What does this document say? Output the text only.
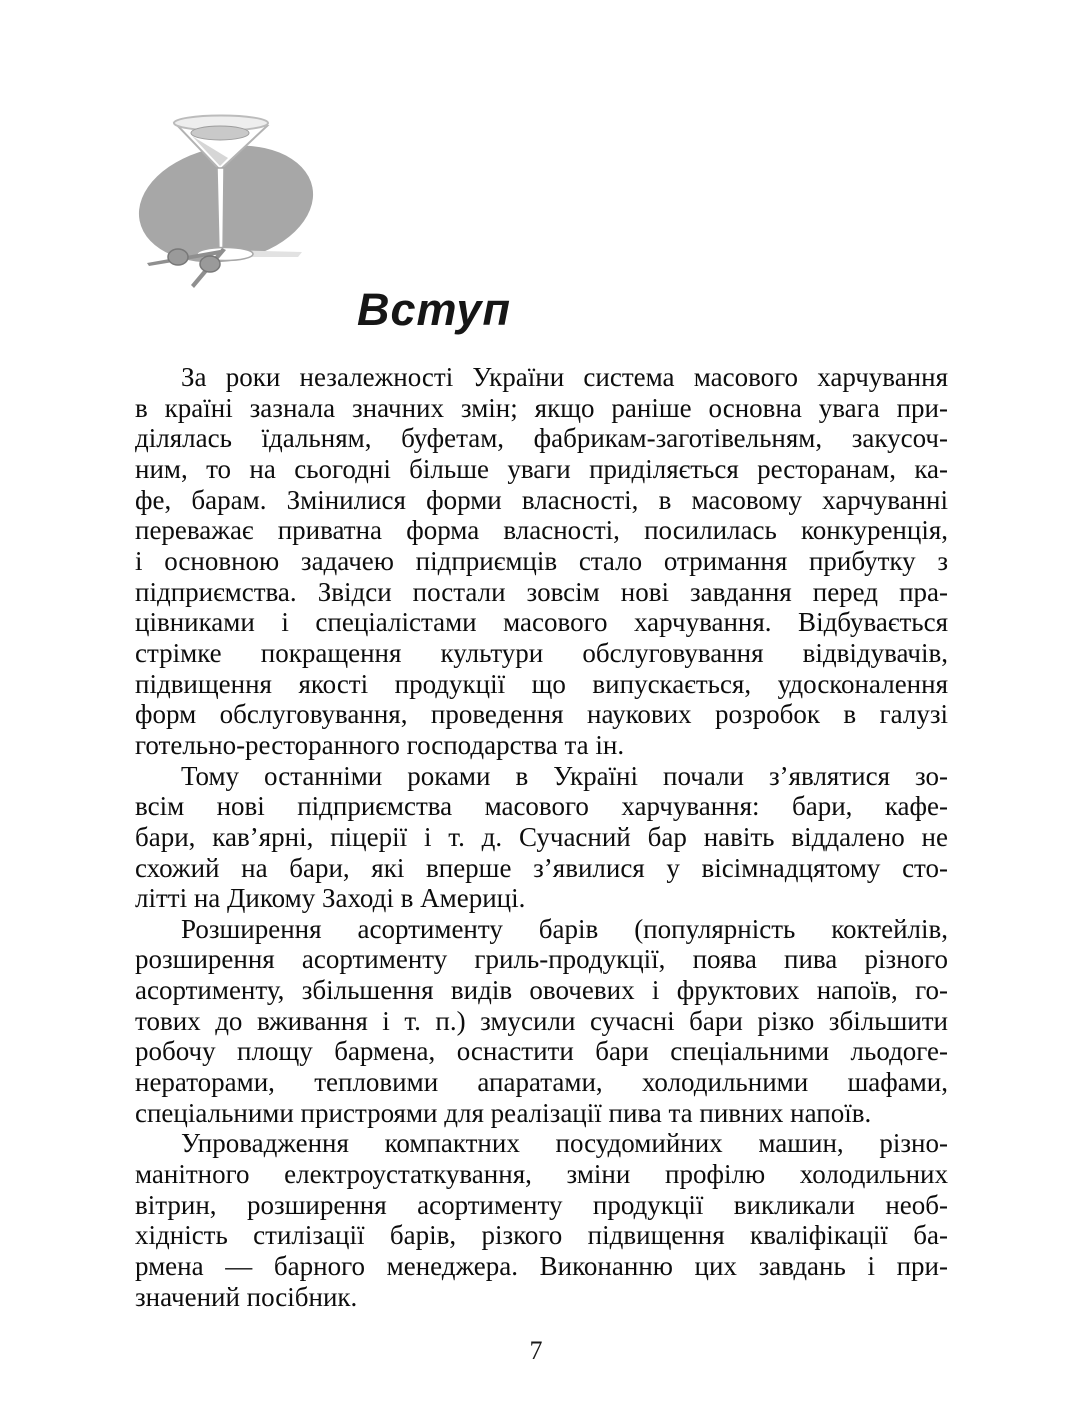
Вступ
За роки незалежності України система масового харчування
в країні зазнала значних змін; якщо раніше основна увага при-
ділялась їдальням, буфетам, фабрикам-заготівельням, закусоч-
ним, то на сьогодні більше уваги приділяється ресторанам, ка-
фе, барам. Змінилися форми власності, в масовому харчуванні
переважає приватна форма власності, посилилась конкуренція,
і основною задачею підприємців стало отримання прибутку з
підприємства. Звідси постали зовсім нові завдання перед пра-
цівниками і спеціалістами масового харчування. Відбувається
стрімке покращення культури обслуговування відвідувачів,
підвищення якості продукції що випускається, удосконалення
форм обслуговування, проведення наукових розробок в галузі
готельно-ресторанного господарства та ін.
Тому останніми роками в Україні почали з’являтися зо-
всім нові підприємства масового харчування: бари, кафе-
бари, кав’ярні, піцерії і т. д. Сучасний бар навіть віддалено не
схожий на бари, які вперше з’явилися у вісімнадцятому сто-
літті на Дикому Заході в Америці.
Розширення асортименту барів (популярність коктейлів,
розширення асортименту гриль-продукції, поява пива різного
асортименту, збільшення видів овочевих і фруктових напоїв, го-
тових до вживання і т. п.) змусили сучасні бари різко збільшити
робочу площу бармена, оснастити бари спеціальними льодоге-
нераторами, тепловими апаратами, холодильними шафами,
спеціальними пристроями для реалізації пива та пивних напоїв.
Упровадження компактних посудомийних машин, різно-
манітного електроустаткування, зміни профілю холодильних
вітрин, розширення асортименту продукції викликали необ-
хідність стилізації барів, різкого підвищення кваліфікації ба-
рмена — барного менеджера. Виконанню цих завдань і при-
значений посібник.
7
